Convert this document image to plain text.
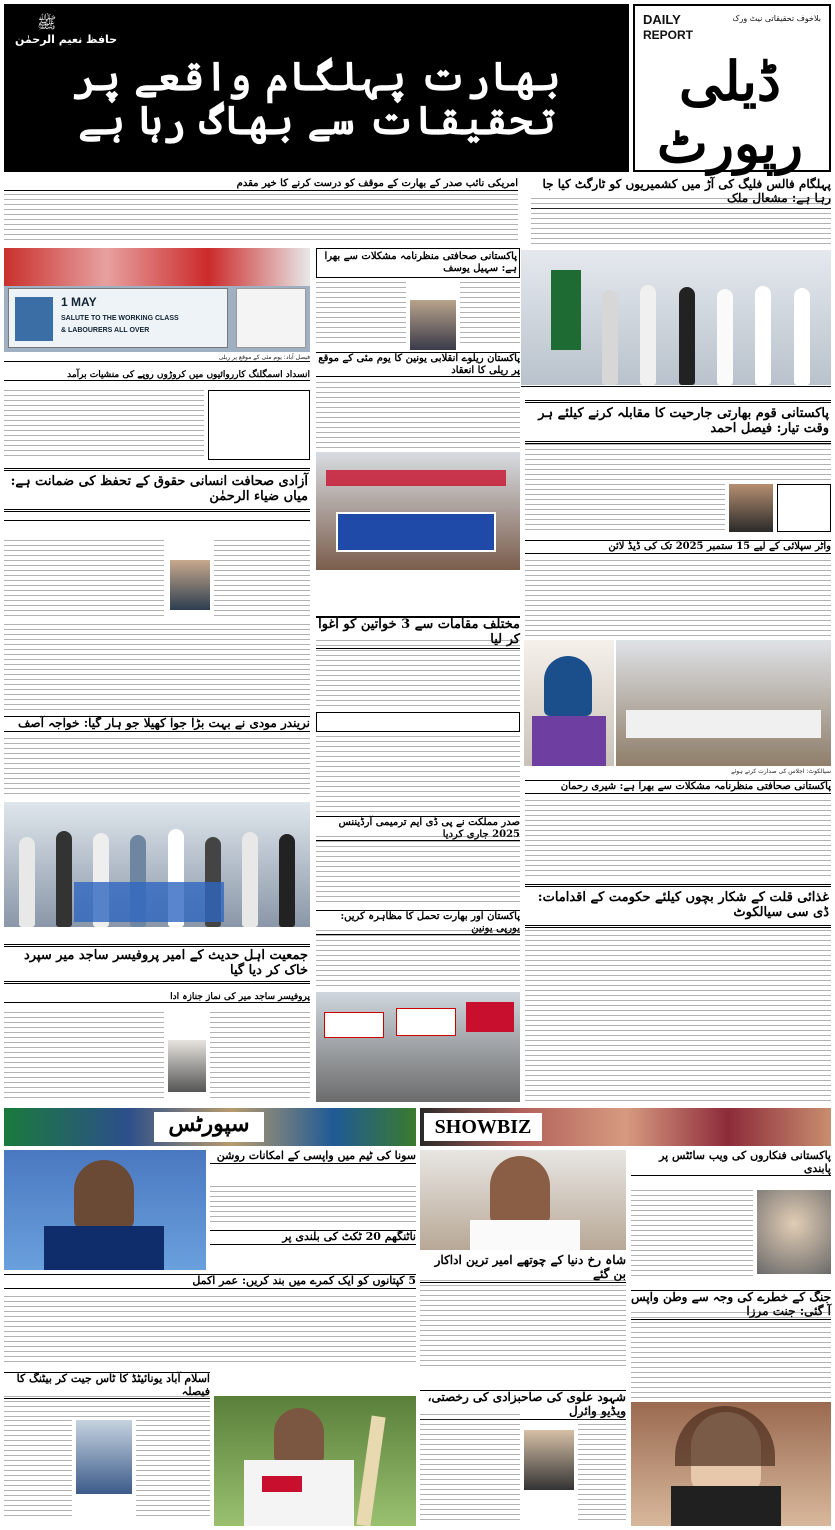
DAILY
REPORT
بلاخوف تحقیقاتی نیٹ ورک
ڈیلی رپورٹ
ﷺ
حافظ نعیم الرحمٰن
بھارت پہلگام واقعے پر تحقیقات سے بھاگ رہا ہے
پہلگام فالس فلیگ کی آڑ میں کشمیریوں کو ٹارگٹ کیا جا رہا ہے: مشعال ملک
امریکی نائب صدر کے بھارت کے موقف کو درست کرنے کا خیر مقدم
1 MAY
SALUTE TO THE WORKING CLASS
& LABOURERS ALL OVER
فیصل آباد: یوم مئی کے موقع پر ریلی
پاکستانی صحافتی منظرنامہ مشکلات سے بھرا ہے: سہیل یوسف
پاکستان ریلوے انقلابی یونین کا یوم مئی کے موقع پر ریلی کا انعقاد
مختلف مقامات سے 3 خواتین کو اغوا کر لیا
صدر مملکت نے پی ڈی ایم ترمیمی آرڈیننس 2025 جاری کردیا
پاکستان اور بھارت تحمل کا مظاہرہ کریں: یورپی یونین
انسداد اسمگلنگ کارروائیوں میں کروڑوں روپے کی منشیات برآمد
آزادی صحافت انسانی حقوق کے تحفظ کی ضمانت ہے: میاں ضیاء الرحمٰن
نریندر مودی نے بہت بڑا جوا کھیلا جو ہار گیا: خواجہ آصف
جمعیت اہل حدیث کے امیر پروفیسر ساجد میر سپرد خاک کر دیا گیا
پروفیسر ساجد میر کی نماز جنازہ ادا
پاکستانی قوم بھارتی جارحیت کا مقابلہ کرنے کیلئے ہر وقت تیار: فیصل احمد
واٹر سپلائی کے لیے 15 ستمبر 2025 تک کی ڈیڈ لائن
سیالکوٹ: اجلاس کی صدارت کرتے ہوئے
پاکستانی صحافتی منظرنامہ مشکلات سے بھرا ہے: شیری رحمان
غذائی قلت کے شکار بچوں کیلئے حکومت کے اقدامات: ڈی سی سیالکوٹ
سپورٹس	SHOWBIZ
سونا کی ٹیم میں واپسی کے امکانات روشن
ناٹنگھم 20 ٹکٹ کی بلندی پر
5 کپتانوں کو ایک کمرے میں بند کریں: عمر اکمل
اسلام آباد یونائیٹڈ کا ٹاس جیت کر بیٹنگ کا فیصلہ
شاہ رخ دنیا کے چوتھے امیر ترین اداکار بن گئے
شہود علوی کی صاحبزادی کی رخصتی، ویڈیو وائرل
پاکستانی فنکاروں کی ویب سائٹس پر پابندی
جنگ کے خطرے کی وجہ سے وطن واپس آ گئی: جنت مرزا
